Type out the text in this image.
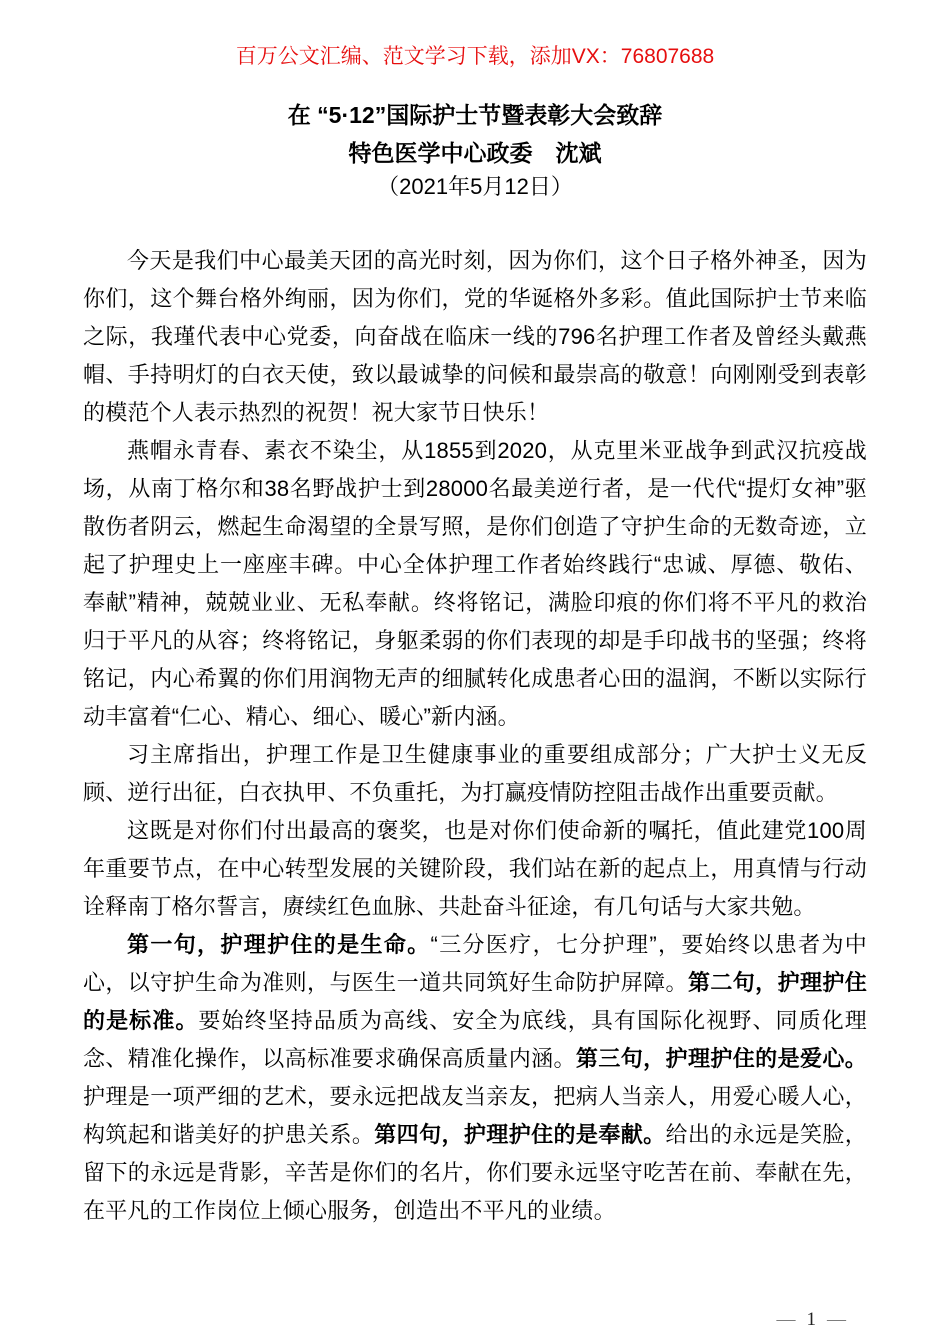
百万公文汇编、范文学习下载，添加VX：76807688
在 “5·12”国际护士节暨表彰大会致辞
特色医学中心政委　沈斌
（2021年5月12日）

今天是我们中心最美天团的高光时刻，因为你们，这个日子格外神圣，因为你们，这个舞台格外绚丽，因为你们，党的华诞格外多彩。值此国际护士节来临之际，我瑾代表中心党委，向奋战在临床一线的796名护理工作者及曾经头戴燕帽、手持明灯的白衣天使，致以最诚挚的问候和最崇高的敬意！向刚刚受到表彰的模范个人表示热烈的祝贺！祝大家节日快乐！

燕帽永青春、素衣不染尘，从1855到2020，从克里米亚战争到武汉抗疫战场，从南丁格尔和38名野战护士到28000名最美逆行者，是一代代“提灯女神”驱散伤者阴云，燃起生命渴望的全景写照，是你们创造了守护生命的无数奇迹，立起了护理史上一座座丰碑。中心全体护理工作者始终践行“忠诚、厚德、敬佑、奉献”精神，兢兢业业、无私奉献。终将铭记，满脸印痕的你们将不平凡的救治归于平凡的从容；终将铭记，身躯柔弱的你们表现的却是手印战书的坚强；终将铭记，内心希翼的你们用润物无声的细腻转化成患者心田的温润，不断以实际行动丰富着“仁心、精心、细心、暖心”新内涵。

习主席指出，护理工作是卫生健康事业的重要组成部分；广大护士义无反顾、逆行出征，白衣执甲、不负重托，为打赢疫情防控阻击战作出重要贡献。

这既是对你们付出最高的褒奖，也是对你们使命新的嘱托，值此建党100周年重要节点，在中心转型发展的关键阶段，我们站在新的起点上，用真情与行动诠释南丁格尔誓言，赓续红色血脉、共赴奋斗征途，有几句话与大家共勉。

第一句，护理护住的是生命。“三分医疗，七分护理”，要始终以患者为中心，以守护生命为准则，与医生一道共同筑好生命防护屏障。第二句，护理护住的是标准。要始终坚持品质为高线、安全为底线，具有国际化视野、同质化理念、精准化操作，以高标准要求确保高质量内涵。第三句，护理护住的是爱心。护理是一项严细的艺术，要永远把战友当亲友，把病人当亲人，用爱心暖人心，构筑起和谐美好的护患关系。第四句，护理护住的是奉献。给出的永远是笑脸，留下的永远是背影，辛苦是你们的名片，你们要永远坚守吃苦在前、奉献在先，在平凡的工作岗位上倾心服务，创造出不平凡的业绩。

— 1 —
